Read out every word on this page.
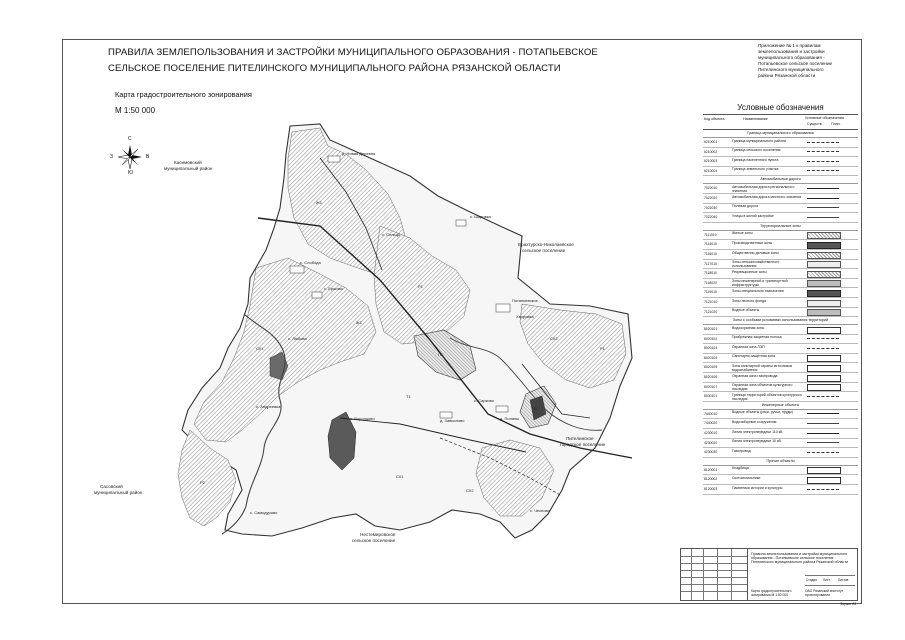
ПРАВИЛА ЗЕМЛЕПОЛЬЗОВАНИЯ И ЗАСТРОЙКИ МУНИЦИПАЛЬНОГО ОБРАЗОВАНИЯ - ПОТАПЬЕВСКОЕ
СЕЛЬСКОЕ ПОСЕЛЕНИЕ ПИТЕЛИНСКОГО МУНИЦИПАЛЬНОГО РАЙОНА РЯЗАНСКОЙ ОБЛАСТИ
Приложение № 1 к правилам
землепользования и застройки
муниципального образования -
Потапьевское сельское поселение
Пителинского муниципального
района Рязанской области
Карта градостроительного зонирования
М 1:50 000
С
Ю
З	В
Касимовский
муниципальный район
Ерахтурско-Николаевское
сельское поселение
Пителинское
городское поселение
Сасовский
муниципальный район
Нестемировское
сельское поселение
д. Новая Деревня
с. Слобода
с. Сельцо
с. Ершово
Потапьевское
Хворовка
с. Шаровка
д. Поляны
с. Воронцово
с. Андреевка
с. Любова
д. Завьялово
с. Сарково
с. Самодурово	с. Чесново
Ж1
СХ1
Р1
П1
СХ2
Т1
И1
СХ1
Р2
Ж1
СХ2
Р1
Условные обозначения
Код объекта	Наименование	Условные обозначения
Существ. План.
Граница муниципального образования
6210001	Граница муниципального района
6210002	Граница сельского поселения
6210003	Граница населенного пункта
6210004	Граница земельного участка
Автомобильные дороги
7022010	Автомобильная дорога регионального значения
7022020	Автомобильная дорога местного значения
7022030	Полевая дорога
7022040	Улицы в жилой застройке
Территориальные зоны
7111010	Жилые зоны
7114010	Производственные зоны
7116010	Общественно-деловые зоны
7117010	Зоны сельскохозяйственного использования
7118010	Рекреационные зоны
7118020	Зоны инженерной и транспортной инфраструктуры
7119010	Зоны специального назначения
7121010	Зоны лесного фонда
7121020	Водные объекты
Зоны с особыми условиями использования территорий
8020101	Водоохранная зона
8020102	Прибрежная защитная полоса
8020103	Охранная зона ЛЭП
8020104	Санитарно-защитная зона
8020105	Зона санитарной охраны источников водоснабжения
8020106	Охранная зона газопровода
8020107	Охранная зона объектов культурного наследия
8030101	Границы территорий объектов культурного наследия
Инженерные объекты
7440010	Водные объекты (реки, ручьи, пруды)
7440020	Водозаборные сооружения
4230010	Линия электропередачи 110 кВ
4230020	Линия электропередачи 10 кВ
4230030	Газопровод
Прочие объекты
8120001	Кладбища
8120002	Скотомогильники
8120003	Памятники истории и культуры
Правила землепользования и застройки муниципального образования - Потапьевское сельское поселение Пителинского муниципального района Рязанской области
Стадия Лист	Листов
Карта градостроительного зонирования М 1:50 000
ОАО Рязанский институт проектирования
Формат А3
